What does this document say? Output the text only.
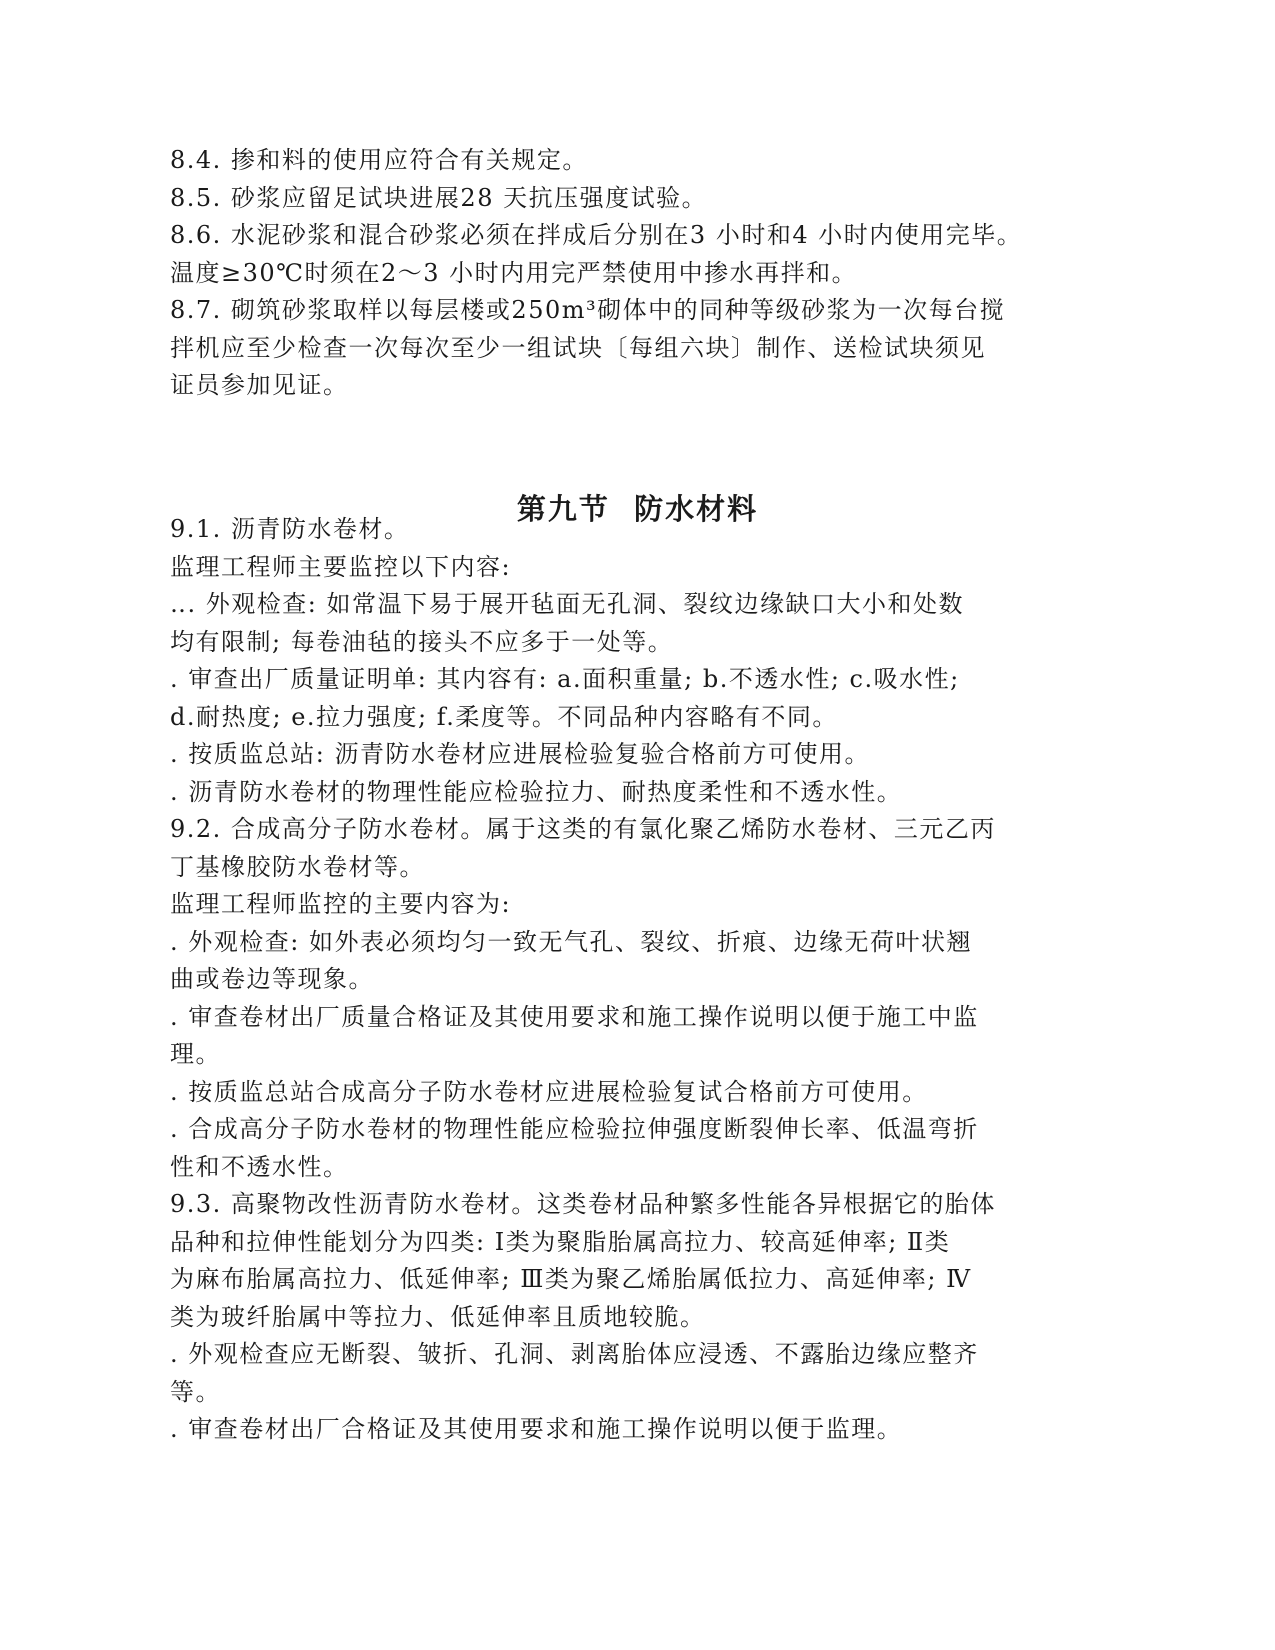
8.4. 掺和料的使用应符合有关规定。
8.5. 砂浆应留足试块进展28 天抗压强度试验。
8.6. 水泥砂浆和混合砂浆必须在拌成后分别在3 小时和4 小时内使用完毕。
温度≥30℃时须在2～3 小时内用完严禁使用中掺水再拌和。
8.7. 砌筑砂浆取样以每层楼或250m³砌体中的同种等级砂浆为一次每台搅
拌机应至少检查一次每次至少一组试块〔每组六块〕制作、送检试块须见
证员参加见证。
第九节  防水材料
9.1. 沥青防水卷材。
监理工程师主要监控以下内容:
‥. 外观检查: 如常温下易于展开毡面无孔洞、裂纹边缘缺口大小和处数
均有限制; 每卷油毡的接头不应多于一处等。
. 审查出厂质量证明单: 其内容有: a.面积重量; b.不透水性; c.吸水性;
d.耐热度; e.拉力强度; f.柔度等。不同品种内容略有不同。
. 按质监总站: 沥青防水卷材应进展检验复验合格前方可使用。
. 沥青防水卷材的物理性能应检验拉力、耐热度柔性和不透水性。
9.2. 合成高分子防水卷材。属于这类的有氯化聚乙烯防水卷材、三元乙丙
丁基橡胶防水卷材等。
监理工程师监控的主要内容为:
. 外观检查: 如外表必须均匀一致无气孔、裂纹、折痕、边缘无荷叶状翘
曲或卷边等现象。
. 审查卷材出厂质量合格证及其使用要求和施工操作说明以便于施工中监
理。
. 按质监总站合成高分子防水卷材应进展检验复试合格前方可使用。
. 合成高分子防水卷材的物理性能应检验拉伸强度断裂伸长率、低温弯折
性和不透水性。
9.3. 高聚物改性沥青防水卷材。这类卷材品种繁多性能各异根据它的胎体
品种和拉伸性能划分为四类: Ⅰ类为聚脂胎属高拉力、较高延伸率; Ⅱ类
为麻布胎属高拉力、低延伸率; Ⅲ类为聚乙烯胎属低拉力、高延伸率; Ⅳ
类为玻纤胎属中等拉力、低延伸率且质地较脆。
. 外观检查应无断裂、皱折、孔洞、剥离胎体应浸透、不露胎边缘应整齐
等。
. 审查卷材出厂合格证及其使用要求和施工操作说明以便于监理。
